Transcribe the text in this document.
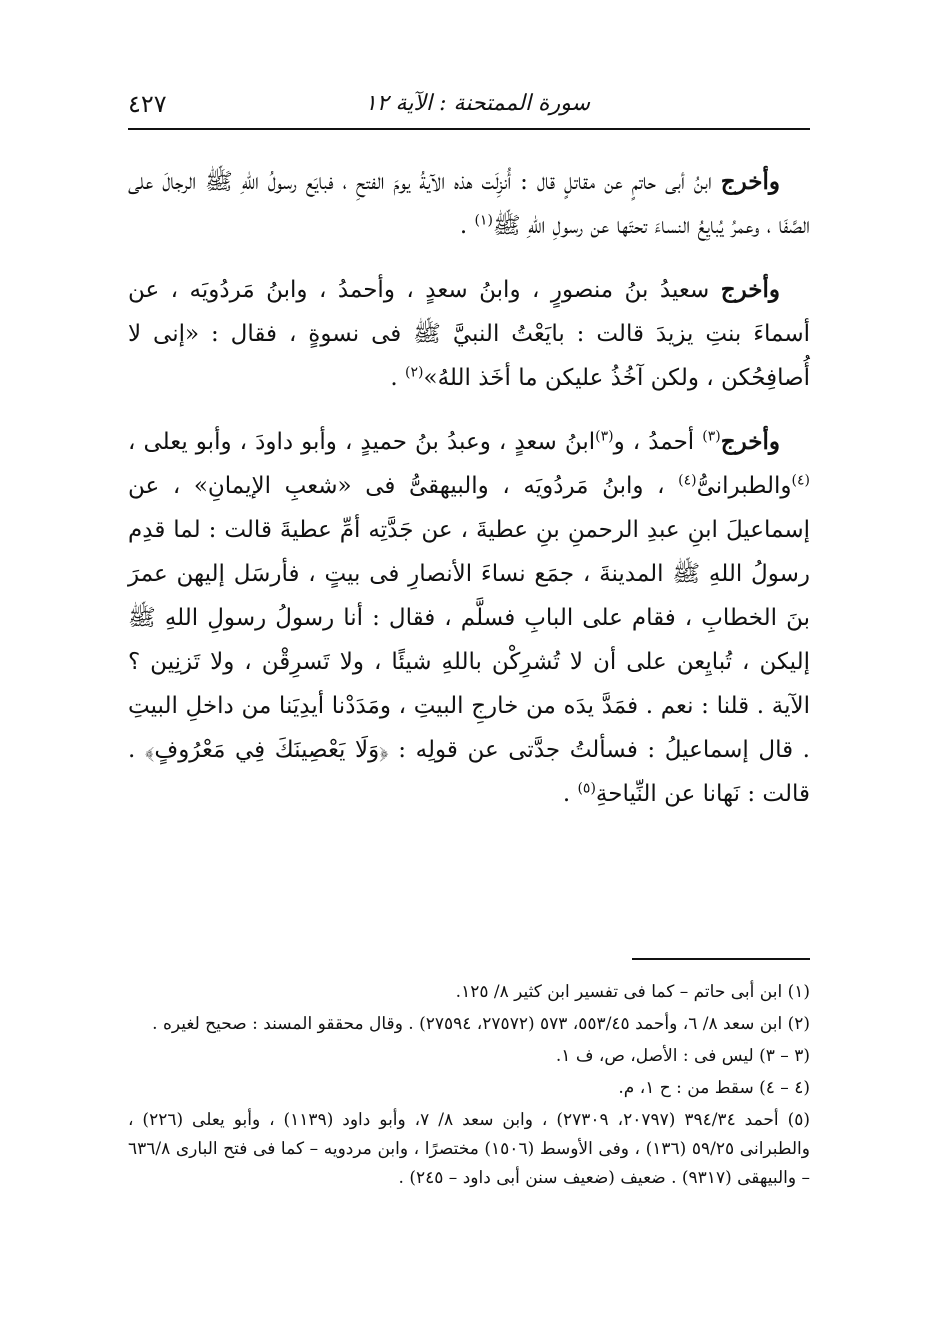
سورة الممتحنة : الآية ١٢
٤٢٧

وأخرج ابنُ أبى حاتمٍ عن مقاتلٍ قال : أُنزِلَت هذه الآيةُ يومَ الفتحِ ، فبايَع رسولُ اللهِ ﷺ الرجالَ على الصَّفَا ، وعمرُ يُبايِعُ النساءَ تحتَها عن رسولِ اللهِ ﷺ$^{(١)}$ .

وأخرج سعيدُ بنُ منصورٍ ، وابنُ سعدٍ ، وأحمدُ ، وابنُ مَردُويَه ، عن أسماءَ بنتِ يزيدَ قالت : بايَعْتُ النبيَّ ﷺ فى نسوةٍ ، فقال : «إنى لا أُصافِحُكن ، ولكن آخُذُ عليكن ما أخَذ اللهُ»$^{(٢)}$ .

وأخرج$^{(٣)}$ أحمدُ ، و$^{(٣)}$ابنُ سعدٍ ، وعبدُ بنُ حميدٍ ، وأبو داودَ ، وأبو يعلى ، $^{(٤)}$والطبرانىُّ$^{(٤)}$ ، وابنُ مَردُويَه ، والبيهقىُّ فى «شعبِ الإيمانِ» ، عن إسماعيلَ ابنِ عبدِ الرحمنِ بنِ عطيةَ ، عن جَدَّتِه أمِّ عطيةَ قالت : لما قدِم رسولُ اللهِ ﷺ المدينةَ ، جمَع نساءَ الأنصارِ فى بيتٍ ، فأرسَل إليهن عمرَ بنَ الخطابِ ، فقام على البابِ فسلَّم ، فقال : أنا رسولُ رسولِ اللهِ ﷺ إليكن ، تُبايِعن على أن لا تُشرِكْن باللهِ شيئًا ، ولا تَسرِقْن ، ولا تَزنِين ؟ الآية . قلنا : نعم . فمَدَّ يدَه من خارجِ البيتِ ، ومَدَدْنا أيدِيَنا من داخلِ البيتِ . قال إسماعيلُ : فسألتُ جدَّتى عن قولِه : ﴿وَلَا يَعْصِينَكَ فِي مَعْرُوفٍ﴾ . قالت : نَهانا عن النِّياحةِ$^{(٥)}$ .

(١) ابن أبى حاتم – كما فى تفسير ابن كثير ٨/ ١٢٥.

(٢) ابن سعد ٨/ ٦، وأحمد ٥٥٣/٤٥، ٥٧٣ (٢٧٥٧٢، ٢٧٥٩٤) . وقال محققو المسند : صحيح لغيره .

(٣ – ٣) ليس فى : الأصل، ص، ف ١.

(٤ – ٤) سقط من : ح ١، م.

(٥) أحمد ٣٩٤/٣٤ (٢٠٧٩٧، ٢٧٣٠٩) ، وابن سعد ٨/ ٧، وأبو داود (١١٣٩) ، وأبو يعلى (٢٢٦) ، والطبرانى ٥٩/٢٥ (١٣٦) ، وفى الأوسط (١٥٠٦) مختصرًا ، وابن مردويه – كما فى فتح البارى ٦٣٦/٨ – والبيهقى (٩٣١٧) . ضعيف (ضعيف سنن أبى داود – ٢٤٥) .
